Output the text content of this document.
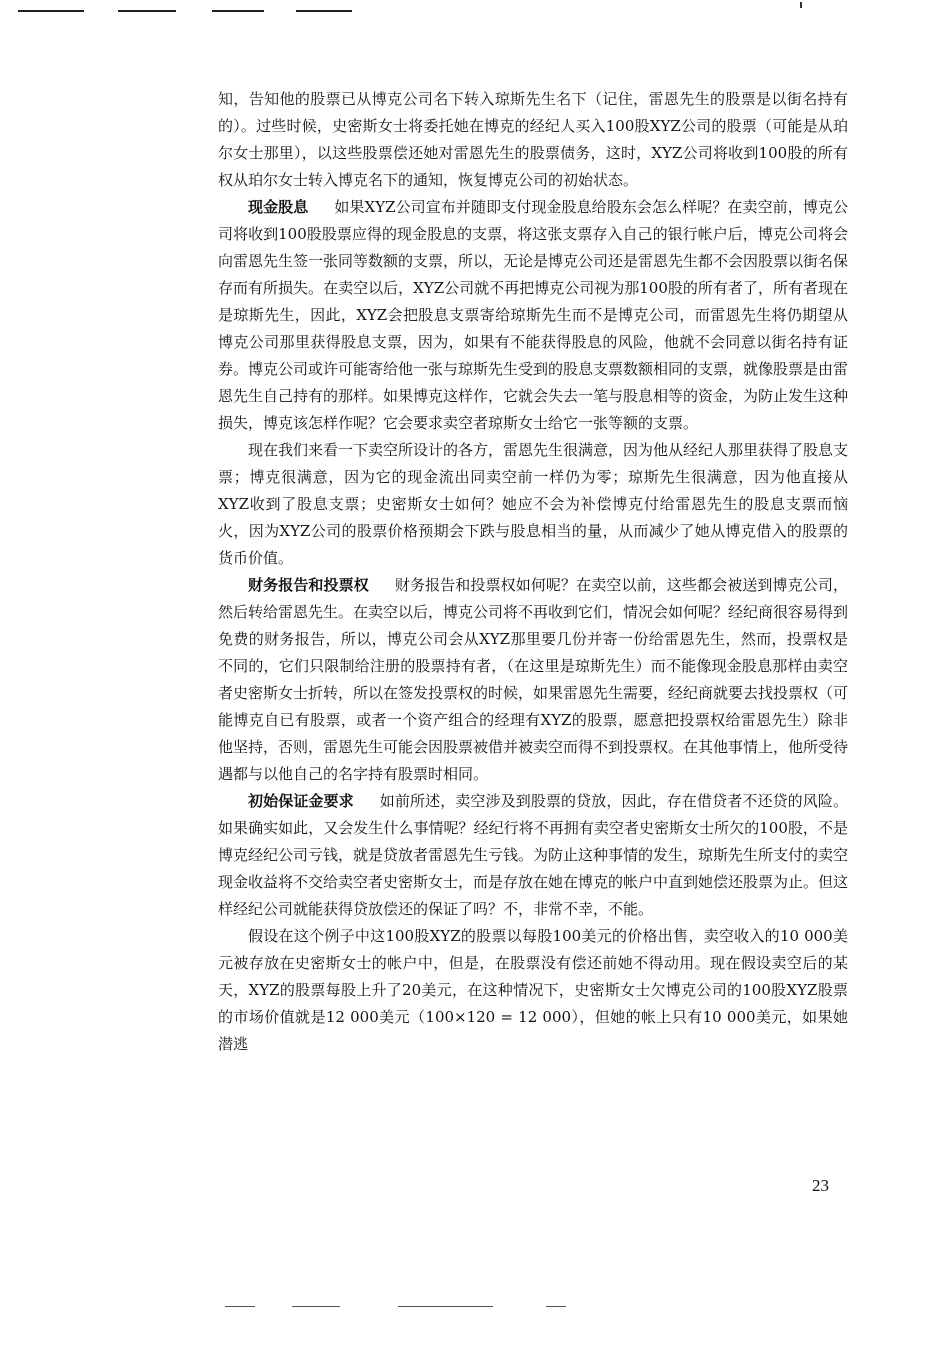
知，告知他的股票已从博克公司名下转入琼斯先生名下（记住，雷恩先生的股票是以街名持有的）。过些时候，史密斯女士将委托她在博克的经纪人买入100股XYZ公司的股票（可能是从珀尔女士那里），以这些股票偿还她对雷恩先生的股票债务，这时，XYZ公司将收到100股的所有权从珀尔女士转入博克名下的通知，恢复博克公司的初始状态。

现金股息 如果XYZ公司宣布并随即支付现金股息给股东会怎么样呢？在卖空前，博克公司将收到100股股票应得的现金股息的支票，将这张支票存入自己的银行帐户后，博克公司将会向雷恩先生签一张同等数额的支票，所以，无论是博克公司还是雷恩先生都不会因股票以街名保存而有所损失。在卖空以后，XYZ公司就不再把博克公司视为那100股的所有者了，所有者现在是琼斯先生，因此，XYZ会把股息支票寄给琼斯先生而不是博克公司，而雷恩先生将仍期望从博克公司那里获得股息支票，因为，如果有不能获得股息的风险，他就不会同意以街名持有证券。博克公司或许可能寄给他一张与琼斯先生受到的股息支票数额相同的支票，就像股票是由雷恩先生自己持有的那样。如果博克这样作，它就会失去一笔与股息相等的资金，为防止发生这种损失，博克该怎样作呢？它会要求卖空者琼斯女士给它一张等额的支票。

现在我们来看一下卖空所设计的各方，雷恩先生很满意，因为他从经纪人那里获得了股息支票；博克很满意，因为它的现金流出同卖空前一样仍为零；琼斯先生很满意，因为他直接从XYZ收到了股息支票；史密斯女士如何？她应不会为补偿博克付给雷恩先生的股息支票而恼火，因为XYZ公司的股票价格预期会下跌与股息相当的量，从而减少了她从博克借入的股票的货币价值。

财务报告和投票权 财务报告和投票权如何呢？在卖空以前，这些都会被送到博克公司，然后转给雷恩先生。在卖空以后，博克公司将不再收到它们，情况会如何呢？经纪商很容易得到免费的财务报告，所以，博克公司会从XYZ那里要几份并寄一份给雷恩先生，然而，投票权是不同的，它们只限制给注册的股票持有者，（在这里是琼斯先生）而不能像现金股息那样由卖空者史密斯女士折转，所以在签发投票权的时候，如果雷恩先生需要，经纪商就要去找投票权（可能博克自已有股票，或者一个资产组合的经理有XYZ的股票，愿意把投票权给雷恩先生）除非他坚持，否则，雷恩先生可能会因股票被借并被卖空而得不到投票权。在其他事情上，他所受待遇都与以他自己的名字持有股票时相同。

初始保证金要求 如前所述，卖空涉及到股票的贷放，因此，存在借贷者不还贷的风险。如果确实如此，又会发生什么事情呢？经纪行将不再拥有卖空者史密斯女士所欠的100股，不是博克经纪公司亏钱，就是贷放者雷恩先生亏钱。为防止这种事情的发生，琼斯先生所支付的卖空现金收益将不交给卖空者史密斯女士，而是存放在她在博克的帐户中直到她偿还股票为止。但这样经纪公司就能获得贷放偿还的保证了吗？不，非常不幸，不能。

假设在这个例子中这100股XYZ的股票以每股100美元的价格出售，卖空收入的10 000美元被存放在史密斯女士的帐户中，但是，在股票没有偿还前她不得动用。现在假设卖空后的某天，XYZ的股票每股上升了20美元，在这种情况下，史密斯女士欠博克公司的100股XYZ股票的市场价值就是12 000美元（100×120 = 12 000），但她的帐上只有10 000美元，如果她潜逃

23
